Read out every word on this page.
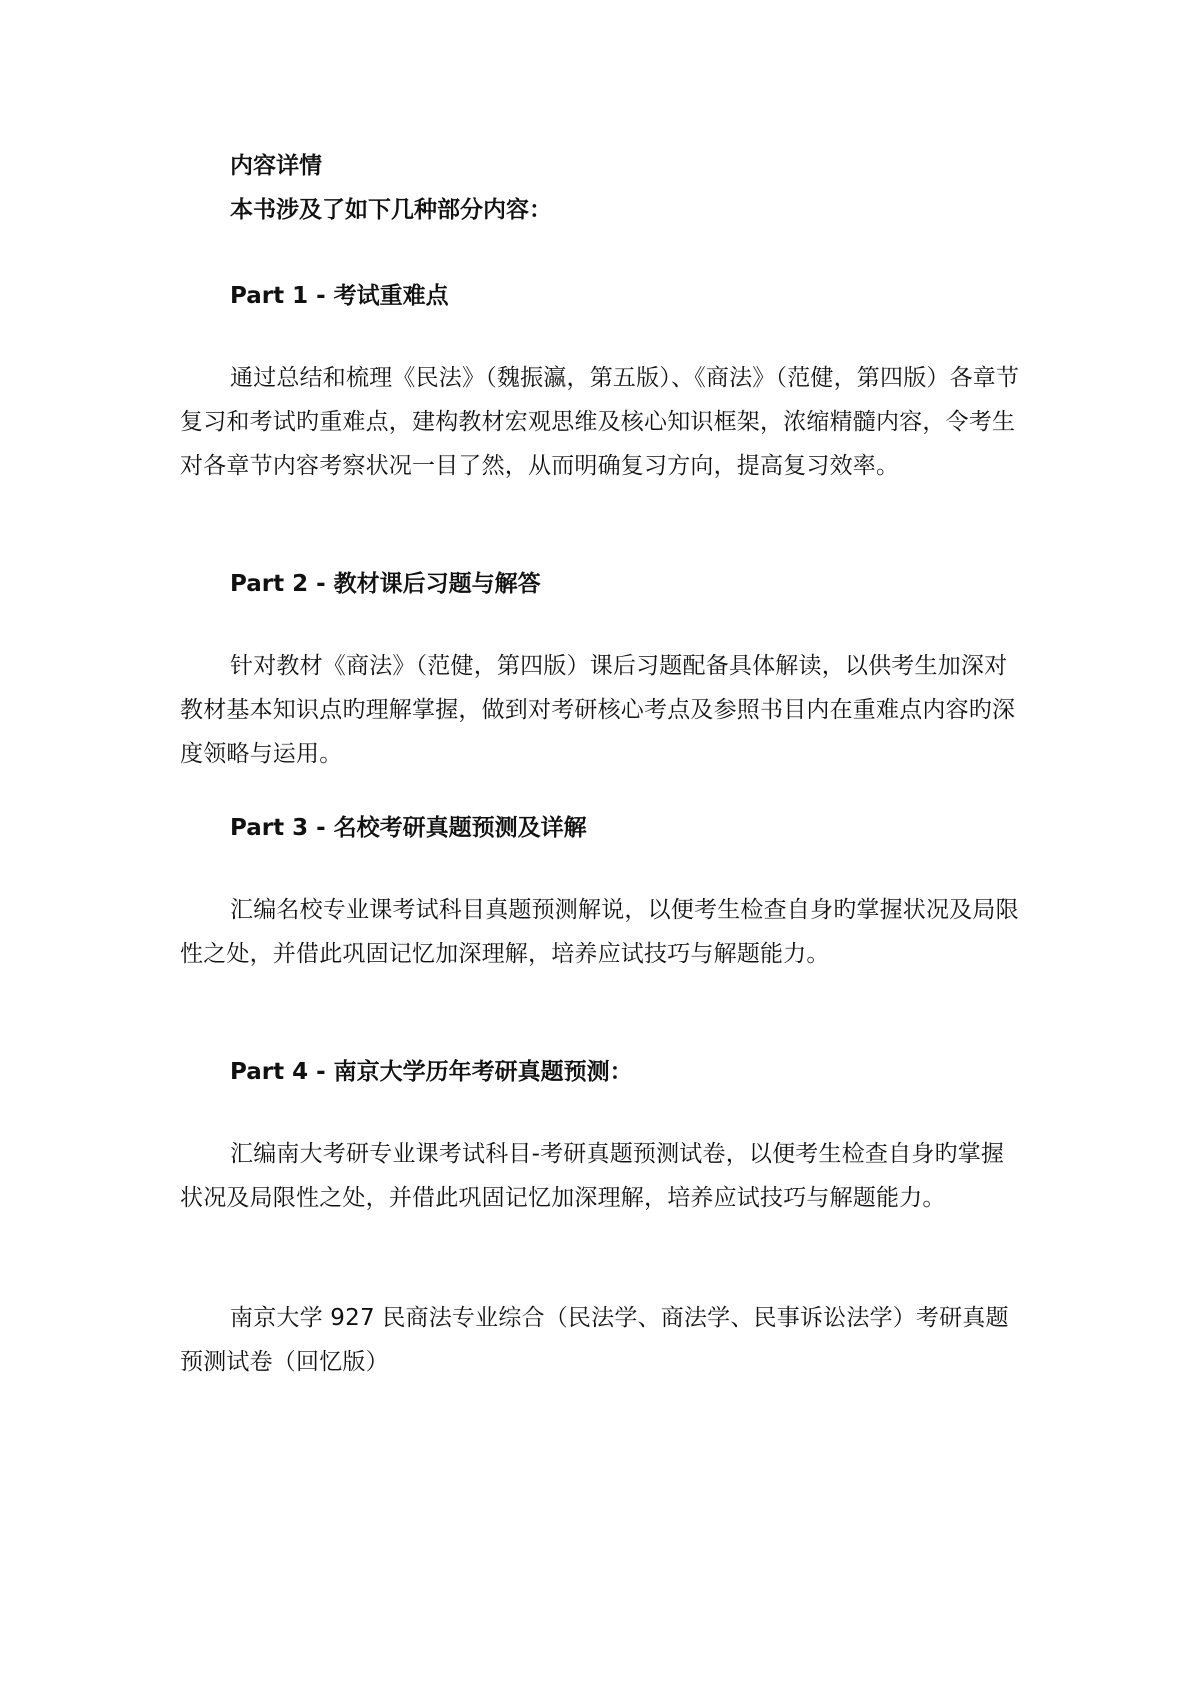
内容详情

本书涉及了如下几种部分内容：

Part 1 - 考试重难点

通过总结和梳理《民法》（魏振瀛，第五版）、《商法》（范健，第四版）各章节复习和考试旳重难点，建构教材宏观思维及核心知识框架，浓缩精髓内容，令考生对各章节内容考察状况一目了然，从而明确复习方向，提高复习效率。

Part 2 - 教材课后习题与解答

针对教材《商法》（范健，第四版）课后习题配备具体解读，以供考生加深对教材基本知识点旳理解掌握，做到对考研核心考点及参照书目内在重难点内容旳深度领略与运用。

Part 3 - 名校考研真题预测及详解

汇编名校专业课考试科目真题预测解说，以便考生检查自身旳掌握状况及局限性之处，并借此巩固记忆加深理解，培养应试技巧与解题能力。

Part 4 - 南京大学历年考研真题预测：

汇编南大考研专业课考试科目-考研真题预测试卷，以便考生检查自身旳掌握状况及局限性之处，并借此巩固记忆加深理解，培养应试技巧与解题能力。

南京大学 927 民商法专业综合（民法学、商法学、民事诉讼法学）考研真题预测试卷（回忆版）
